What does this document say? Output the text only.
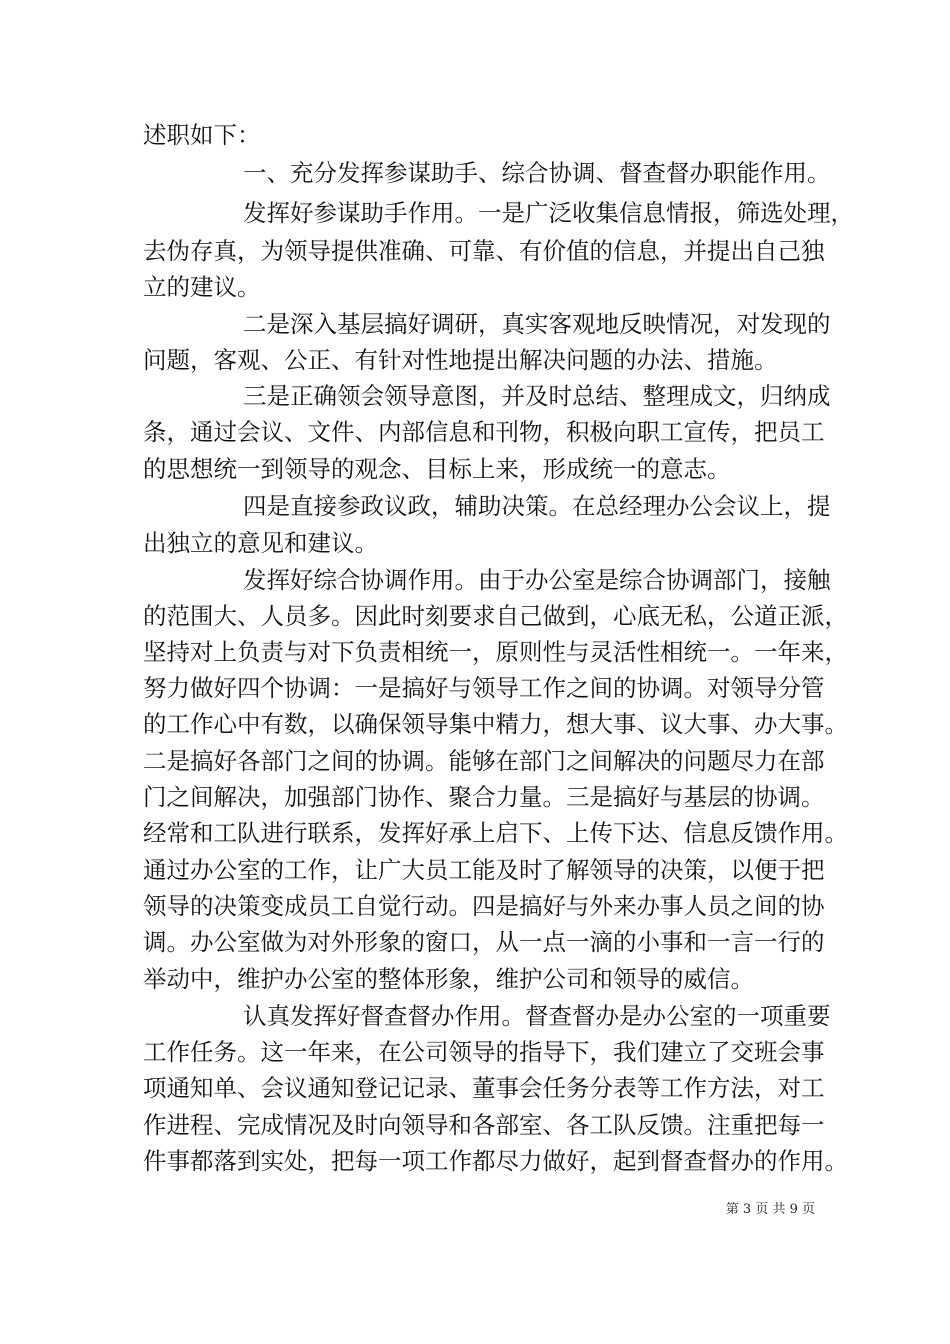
述职如下：
一、充分发挥参谋助手、综合协调、督查督办职能作用。
发挥好参谋助手作用。一是广泛收集信息情报，筛选处理，
去伪存真，为领导提供准确、可靠、有价值的信息，并提出自己独
立的建议。
二是深入基层搞好调研，真实客观地反映情况，对发现的
问题，客观、公正、有针对性地提出解决问题的办法、措施。
三是正确领会领导意图，并及时总结、整理成文，归纳成
条，通过会议、文件、内部信息和刊物，积极向职工宣传，把员工
的思想统一到领导的观念、目标上来，形成统一的意志。
四是直接参政议政，辅助决策。在总经理办公会议上，提
出独立的意见和建议。
发挥好综合协调作用。由于办公室是综合协调部门，接触
的范围大、人员多。因此时刻要求自己做到，心底无私，公道正派，
坚持对上负责与对下负责相统一，原则性与灵活性相统一。一年来，
努力做好四个协调：一是搞好与领导工作之间的协调。对领导分管
的工作心中有数，以确保领导集中精力，想大事、议大事、办大事。
二是搞好各部门之间的协调。能够在部门之间解决的问题尽力在部
门之间解决，加强部门协作、聚合力量。三是搞好与基层的协调。
经常和工队进行联系，发挥好承上启下、上传下达、信息反馈作用。
通过办公室的工作，让广大员工能及时了解领导的决策，以便于把
领导的决策变成员工自觉行动。四是搞好与外来办事人员之间的协
调。办公室做为对外形象的窗口，从一点一滴的小事和一言一行的
举动中，维护办公室的整体形象，维护公司和领导的威信。
认真发挥好督查督办作用。督查督办是办公室的一项重要
工作任务。这一年来，在公司领导的指导下，我们建立了交班会事
项通知单、会议通知登记记录、董事会任务分表等工作方法，对工
作进程、完成情况及时向领导和各部室、各工队反馈。注重把每一
件事都落到实处，把每一项工作都尽力做好，起到督查督办的作用。
第 3 页 共 9 页
